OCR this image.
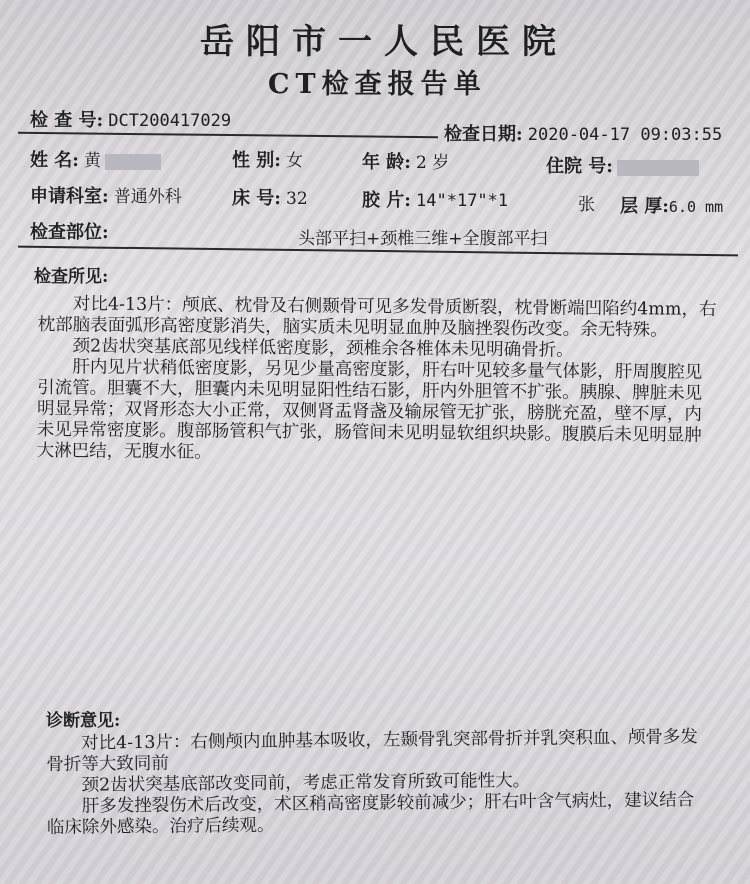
岳阳市一人民医院
CT检查报告单
检 查 号: DCT200417029
检查日期: 2020-04-17 09:03:55
姓 名: 黄	性 别: 女	年 龄: 2 岁	住院 号:
申请科室: 普通外科	床 号: 32	胶 片: 14"*17"*1	张 层 厚:6.0 mm
检查部位:	头部平扫+颈椎三维+全腹部平扫
检查所见:

对比4-13片：颅底、枕骨及右侧颞骨可见多发骨质断裂，枕骨断端凹陷约4mm，右枕部脑表面弧形高密度影消失，脑实质未见明显血肿及脑挫裂伤改变。余无特殊。

颈2齿状突基底部见线样低密度影，颈椎余各椎体未见明确骨折。

肝内见片状稍低密度影，另见少量高密度影，肝右叶见较多量气体影，肝周腹腔见引流管。胆囊不大，胆囊内未见明显阳性结石影，肝内外胆管不扩张。胰腺、脾脏未见明显异常；双肾形态大小正常，双侧肾盂肾盏及输尿管无扩张，膀胱充盈，壁不厚，内未见异常密度影。腹部肠管积气扩张，肠管间未见明显软组织块影。腹膜后未见明显肿大淋巴结，无腹水征。

诊断意见:

对比4-13片：右侧颅内血肿基本吸收，左颞骨乳突部骨折并乳突积血、颅骨多发骨折等大致同前

颈2齿状突基底部改变同前，考虑正常发育所致可能性大。

肝多发挫裂伤术后改变，术区稍高密度影较前减少；肝右叶含气病灶，建议结合临床除外感染。治疗后续观。
